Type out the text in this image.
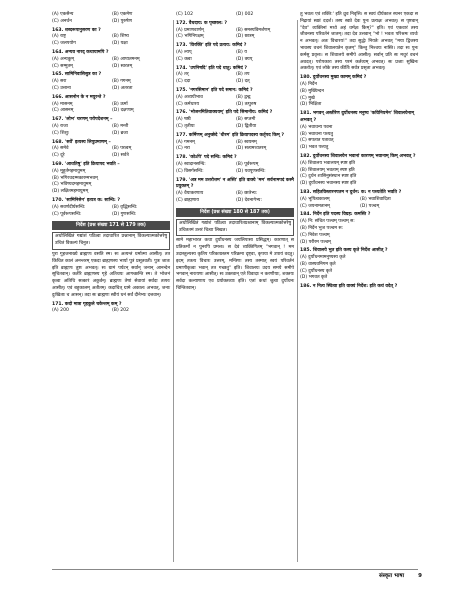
(A) एकसैन्य	(B) एकमेण
(C) अनर्थन	(D) पुरुषेण
163. शब्दरूपानुसरण का ?
(A) राष्ट्र	(B) शिष्य
(C) जलपयोग	(D) यक्षा
164. अन्यव नारद् कथायामपि ?
(A) अन्यकुम्	(B) आप्यतमनम्
(C) सम्मुतम्	(D) स्वरतम्
165. सामिनिवासिसुत्र का ?
(A) सरा	(B) गगनम्
(C) उत्ताना	(D) अतरता
166. आसनोन के न मयुरन्ते ?
(A) मासनम्	(B) ऊर्मा
(C) आसनम्	(D) दक्षणाम्
167. 'लोभ' चरणम् परोपदेशनम् –
(A) राजा	(B) मन्त्री
(C) शिशुः	(D) ब्रजा
168. 'सर्वे' इत्यस्य लिपुप्रमाणम् –
(A) समेवे	(B) परत्वम्
(C) दूरे	(D) सर्वत्रे
169. 'आधतिषु' इति क्रियापद भवति –
(A) मुहूर्तमहमायुमम्
(B) भगिरथदम्मकारम्मभवम्
(C) भविष्यदमहमायुमम्
(D) लक्षितमहमायुमम्
170. 'सामिनिसेन' इत्यत्र क: सान्धि: ?
(A) सवर्णदीर्घसन्धि:	(B) वृद्धिसन्धि:
(C) पूर्वरूपसन्धि:	(D) गुणसन्धि:
निर्देश (प्रश्न संख्या 171 से 179 तक)
अधोलिखितं गद्यांशं पठित्वा तदाधारित प्रश्नानाम् विकल्पात्मकोत्तरेषु उचितं विकल्पं चिनुत।
पुरा गुहजनाख्ये ब्राह्मणः वसति स्म। सः अत्यन्तं धर्मात्मा आसीत्। तत्र किंचित कालं अनन्तरम् एकदा ब्राह्मणस्य भार्या पुत्रं प्रसूतवती। पुत्रः जातः इति ब्राह्मणः तुष्टः अभवत्। सः ग्रामं पर्यटन् सर्वान् जनान् आनन्देन सूचितवान्। कर्तरि ब्राह्मणस्य गृहे अतिथयः आगच्छन्ति स्म। ते भोजनं कृत्वा अतिथि सत्कारं अकुर्वन्। ब्राह्मणः तेषां सेवायां सर्वदा तत्परः आसीत्। एवं बहुकालम् अतीतम्। कदाचित् ग्रामे अकालः अभवत्, जनाः दुःखिताः च आसन्। तदा सः ब्राह्मणः स्वीयं धनं सर्वं दीनेभ्यः दत्तवान्।
171. कदो मात्रा गृहकुले चकेन्तम् कम् ?
(A) 200	(B) 202
(C) 102	(D) 002
172. वैधदाय: क पृच्छाल: ?
(A) प्रमाणवार्णम्	(B) समस्यविमर्शणम्
(C) भगिनिपक्षम्	(D) छात्रम्
173. 'विरक्ति' इति पदे प्रत्यय: कमिदं ?
(A) ल्यप्	(B) य
(C) क्त्वा	(D) क्यप्
174. 'उपनिषदि' इति पदे धातु: कमिदं ?
(A) तर्	(B) तप
(C) ददा	(D) दत्
175. 'नगरसिमान' इति पदे समान: कमिदं ?
(A) अव्ययीभाव	(B) द्वन्द्व
(C) कर्मधारय	(D) तत्पुरुष
176. 'भोजनमितिवाक्ययम्' इति पदे सिमानीय: कमिदं ?
(A) षष्ठी	(B) सप्तमी
(C) तृतीया	(D) द्वितीया
177. कर्मिणम् अनुच्छेदे 'धीरम' इति क्रियापदस्य कर्तृपद किम् ?
(A) गमनम्	(B) स्वयमम्
(C) नरा	(D) सत्यमध्यतरम्
178. 'कोऽपि' पदे सन्धि: कमिदं ?
(A) स्वादानसन्धि:	(B) पूर्वरूपम्
(C) विसर्गसन्धि:	(D) यवपूणसन्धि:
179. 'अत्र मम उत्तरोत्तम' न अस्ति' इति वाक्ये 'मम' सर्वनामपदं कस्मै प्रयुक्तम् ?
(A) वैयाकरणाय	(B) छात्रेभ्य:
(C) ब्राह्मणाय	(D) देवनागेभ्य:
निर्देश (प्रश्न संख्या 180 से 187 तक)
अधोलिखितं गद्यांशं पठित्वा तदाधारितप्रश्नानाम् विकल्पात्मकोत्तरेषु उचिततमं उत्तरं चित्वा लिखत।
सामे महाभारत कथा दुर्योधनस्य जयलिपासा प्रसिद्धम्। कारणात् स प्रतिकर्मो न पुनरपि प्रमत्तः। स देवं व्यक्तिगितम् "भगवान् ! मम उदास्तुल्यस्य कृतिप परिकाग्रस्तम परिक्रमा दृष्ट्वा, कृपया मे उपायं वदतु। इदम् तत्रत्य विचारः उत्तरम्, मन्त्रिणः तस्य तस्मात् स्वयं परिवर्तनं प्रमाणीकृत्वा भवान् तत्र गच्छतु" इति। शिवालयः उदय समये समीपे भगवान् नारायणः आसीत्। सः उक्तवान् एते विवादाः न करणीयाः, शक्तयः सर्वदा कल्याणाय एव प्रयोक्तव्याः इति। एतां कथां श्रुत्वा दुर्योधनः चिन्तितवान्।
तु भवतः एवं शक्ति:' इति ध्रुव निवृत्ति। स स्वयं दीर्घकाल स्थनर एकदा स निद्रायां स्वप्नं ददर्श। तस्य स्वप्ने देवः पुनः प्रत्यक्षः अभवत्। स पृष्टवान् "देव" व्यक्तिनां मध्ये अहं धर्मज्ञः किम्?" इति। एवं एकवारं तस्य जीवनस्य परिवर्तनं जातम्। तदा देव उत्तवान् "भो ! भवतः परिश्रमः व्यर्थः न अभवत्। अतः विचारय!" तदा सुद्धेः नियतेः अभवत् "मया द्विजस्य भावस्य वचनं शिवालयतेन कृतम्" किन्तु निश्चयः नास्ति। तदा सः पुनः कर्मसु प्रवृत्तः। स शिवालये समीपे आसीत्। सर्वान् प्रति सः मधुरं वचनं अवदत्। परोपकारः तस्य परमं कर्तव्यम् अभवत्। सः प्रजाः सुखिनः अकरोत्। एवं लोके तस्य कीर्तिः सर्वत्र प्रसृता अभवत्।
180. दुर्योधनस्य मुख्य कामम् कमिदं ?
(A) निर्देन
(B) मुख्यिन्दन
(C) मुखे
(D) भिक्षिता
181. भगवन् अस्तीरेण दुर्योधनस्य मनुष्य 'कविनियमेन' शिवालयेनाम् अभवत् ?
(A) भवाधन्य पवना
(B) भवाधना पश्यतु
(C) सपतात पतावत्
(D) भवत पश्यतु
182. दुर्योधनस्य शिवालयेन भवानां कारणम् भवानाम् किम् अभवत् ?
(A) शिवालय भवालयम् स्पष्ट इति
(B) शिवालयम् भवताम् स्पष्ट इति
(C) दुर्धन शासिनुसंस्थान स्पष्ट इति
(D) दुर्योधनस्य भवानस्य स्पष्ट इति
183. सहितविस्तारनपतम न दुर्धन: क: न पश्यतेति भवति ?
(A) भूपित्वकालम्	(B) भवाशिवादिता
(C) जयनामतानम्	(D) पञ्चम्
184. निर्देन इति पदस्य विग्रह: कमस्ति ?
(A) नि: संचित पञ्चम् पञ्चम् स:
(B) निर्देन भुज पञ्चम स:
(C) निवेश पञ्चम्
(D) परीरम पञ्चम्
185. शिवालये भुत इति कस्य कृते निर्देश आसीत् ?
(A) दुर्योधनमामनुष्यस्य कृते
(B) वास्यवनिगम कृते
(C) दुर्योधनस्य कृते
(D) भगवत कृते
186. न नित्य स्थित्वा इति वाक्यं निर्देश: इति कथं वदेत् ?
संस्कृत भाषा	9
